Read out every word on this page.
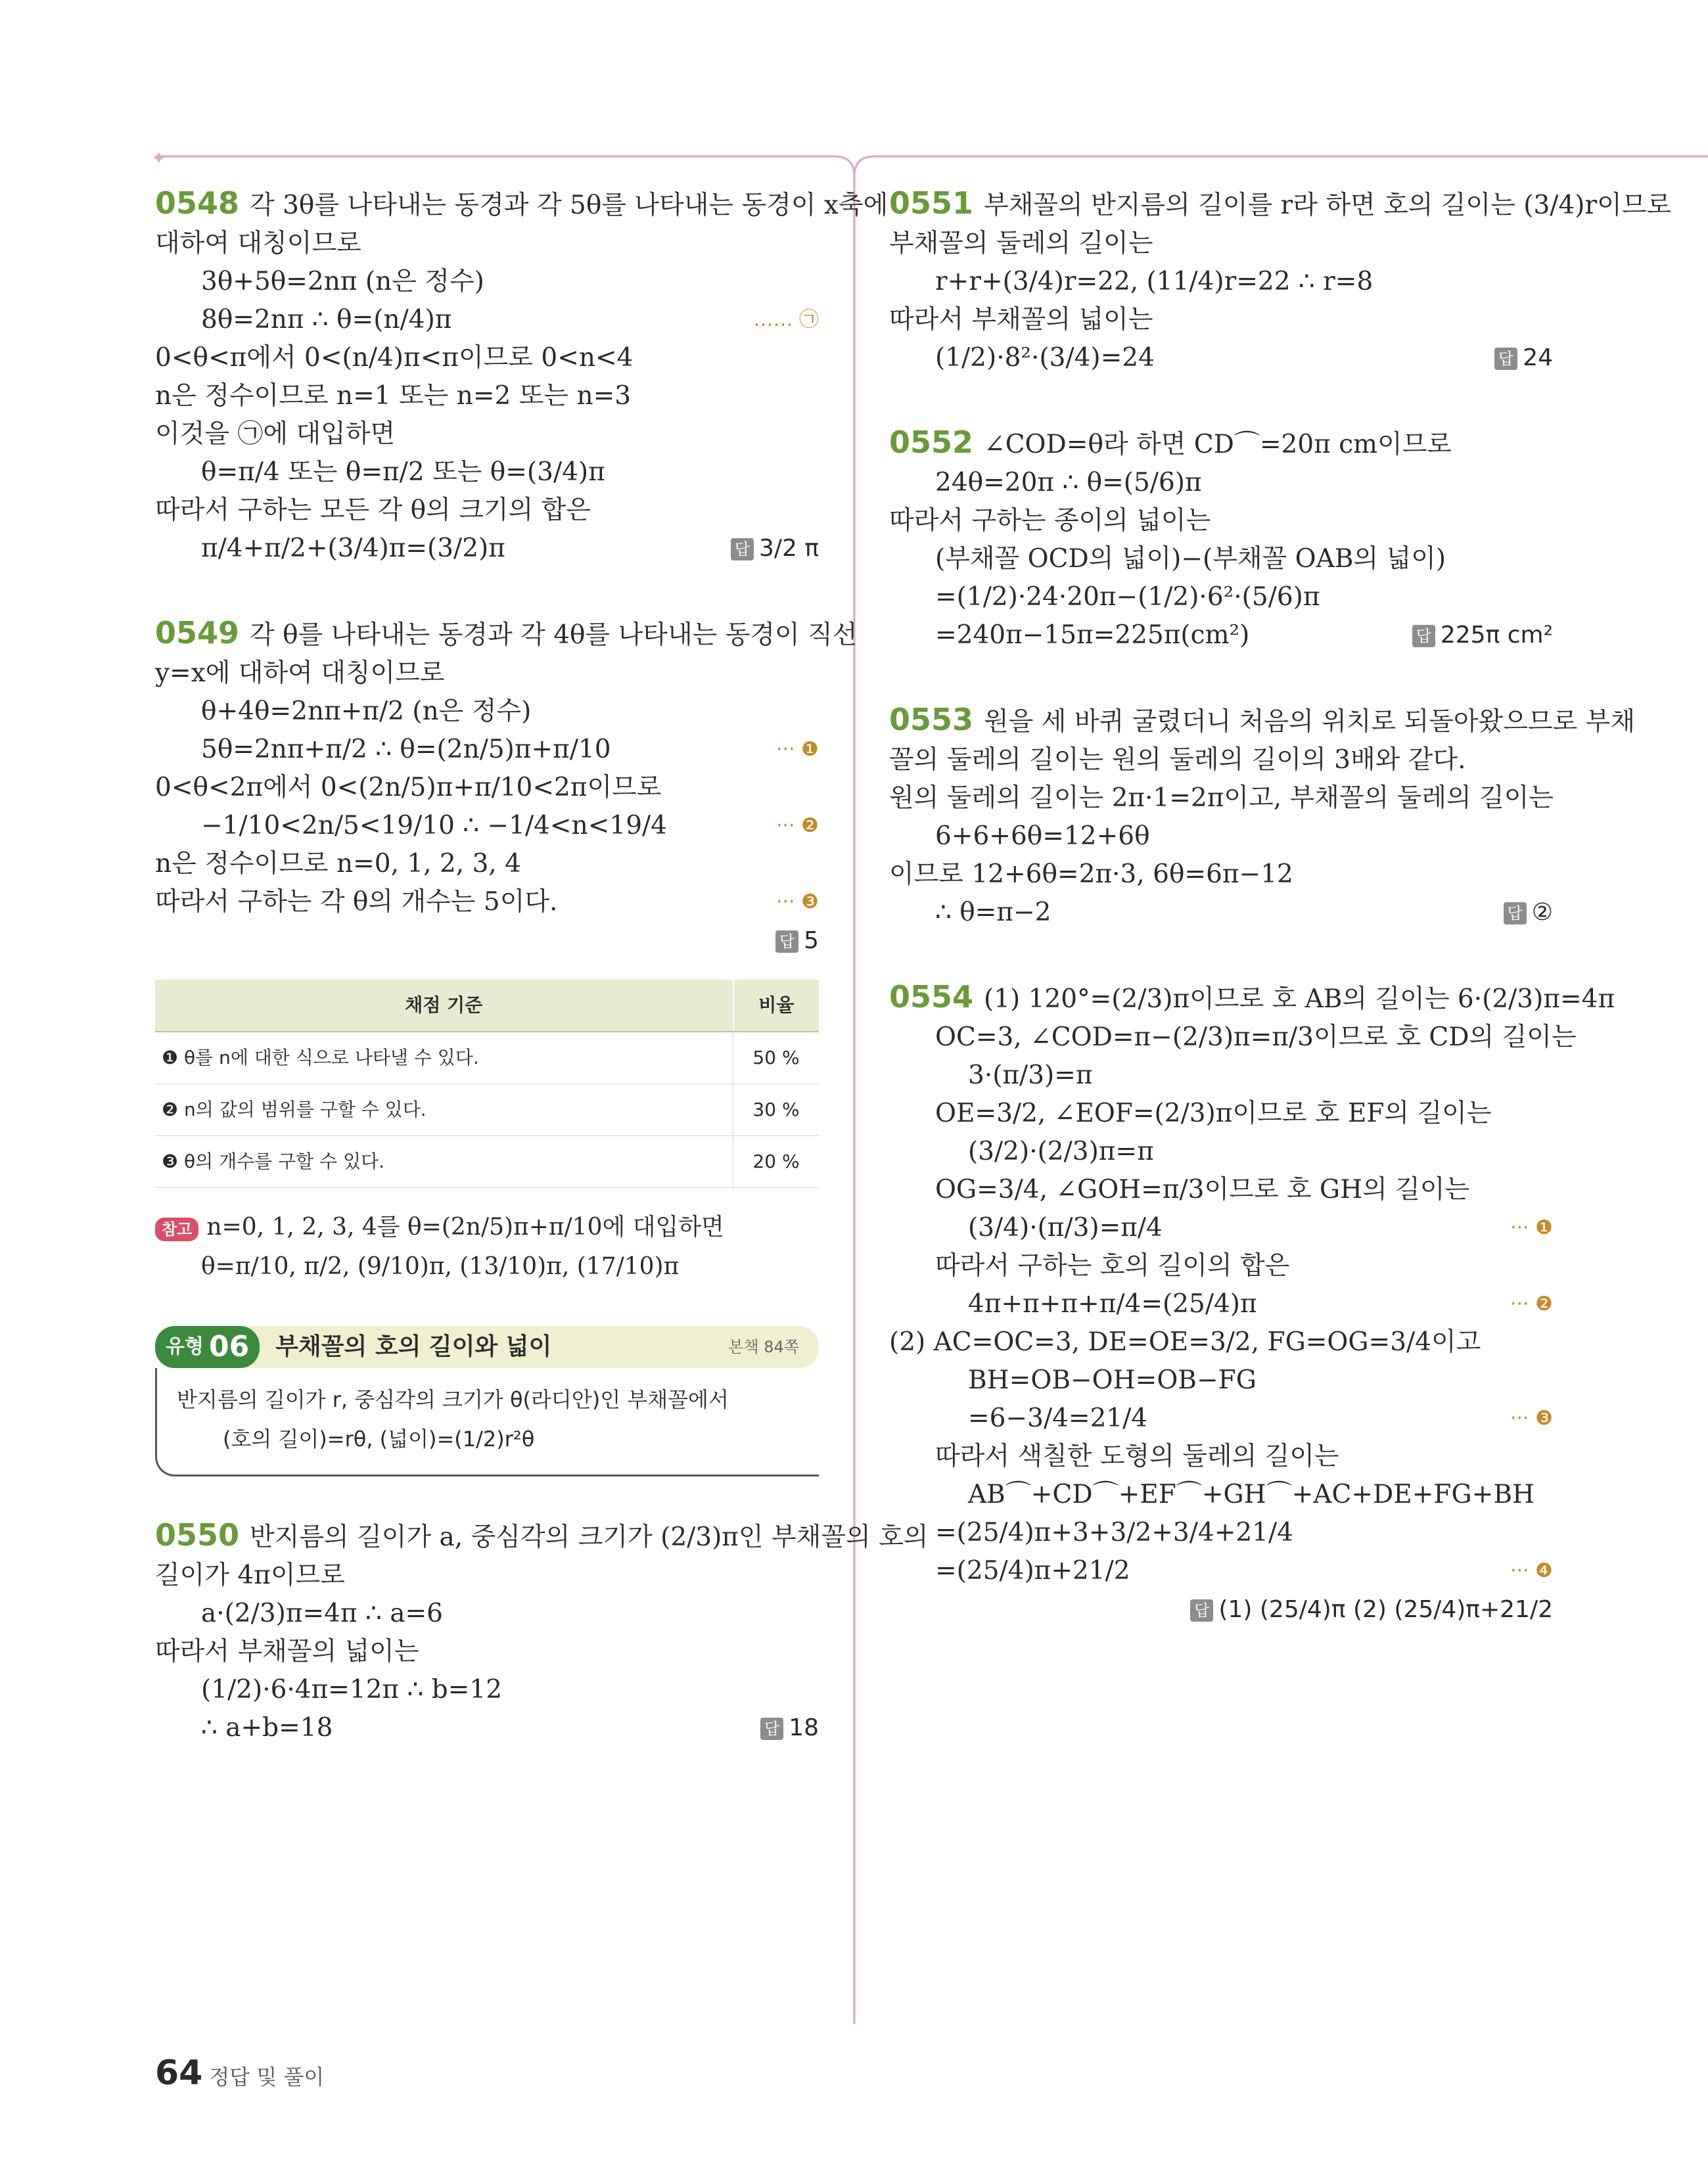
✦
0548 각 3θ를 나타내는 동경과 각 5θ를 나타내는 동경이 x축에
대하여 대칭이므로
3θ+5θ=2nπ (n은 정수)
8θ=2nπ ∴ θ=(n/4)π	…… ㉠
0<θ<π에서 0<(n/4)π<π이므로 0<n<4
n은 정수이므로 n=1 또는 n=2 또는 n=3
이것을 ㉠에 대입하면
θ=π/4 또는 θ=π/2 또는 θ=(3/4)π
따라서 구하는 모든 각 θ의 크기의 합은
π/4+π/2+(3/4)π=(3/2)π	답 3/2 π
0549 각 θ를 나타내는 동경과 각 4θ를 나타내는 동경이 직선
y=x에 대하여 대칭이므로
θ+4θ=2nπ+π/2 (n은 정수)
5θ=2nπ+π/2 ∴ θ=(2n/5)π+π/10	··· ❶
0<θ<2π에서 0<(2n/5)π+π/10<2π이므로
−1/10<2n/5<19/10 ∴ −1/4<n<19/4	··· ❷
n은 정수이므로 n=0, 1, 2, 3, 4
따라서 구하는 각 θ의 개수는 5이다.	··· ❸
답 5
채점 기준	비율
❶ θ를 n에 대한 식으로 나타낼 수 있다.	50 %
❷ n의 값의 범위를 구할 수 있다.	30 %
❸ θ의 개수를 구할 수 있다.	20 %
참고 n=0, 1, 2, 3, 4를 θ=(2n/5)π+π/10에 대입하면
θ=π/10, π/2, (9/10)π, (13/10)π, (17/10)π
유형 06 부채꼴의 호의 길이와 넓이	본책 84쪽
반지름의 길이가 r, 중심각의 크기가 θ(라디안)인 부채꼴에서
(호의 길이)=rθ, (넓이)=(1/2)r²θ
0550 반지름의 길이가 a, 중심각의 크기가 (2/3)π인 부채꼴의 호의
길이가 4π이므로
a·(2/3)π=4π ∴ a=6
따라서 부채꼴의 넓이는
(1/2)·6·4π=12π ∴ b=12
∴ a+b=18	답 18
0551 부채꼴의 반지름의 길이를 r라 하면 호의 길이는 (3/4)r이므로
부채꼴의 둘레의 길이는
r+r+(3/4)r=22, (11/4)r=22 ∴ r=8
따라서 부채꼴의 넓이는
(1/2)·8²·(3/4)=24	답 24
0552 ∠COD=θ라 하면 CD⌒=20π cm이므로
24θ=20π ∴ θ=(5/6)π
따라서 구하는 종이의 넓이는
(부채꼴 OCD의 넓이)−(부채꼴 OAB의 넓이)
=(1/2)·24·20π−(1/2)·6²·(5/6)π
=240π−15π=225π(cm²)	답 225π cm²
0553 원을 세 바퀴 굴렸더니 처음의 위치로 되돌아왔으므로 부채
꼴의 둘레의 길이는 원의 둘레의 길이의 3배와 같다.
원의 둘레의 길이는 2π·1=2π이고, 부채꼴의 둘레의 길이는
6+6+6θ=12+6θ
이므로 12+6θ=2π·3, 6θ=6π−12
∴ θ=π−2	답 ②
0554 (1) 120°=(2/3)π이므로 호 AB의 길이는 6·(2/3)π=4π
OC=3, ∠COD=π−(2/3)π=π/3이므로 호 CD의 길이는
3·(π/3)=π
OE=3/2, ∠EOF=(2/3)π이므로 호 EF의 길이는
(3/2)·(2/3)π=π
OG=3/4, ∠GOH=π/3이므로 호 GH의 길이는
(3/4)·(π/3)=π/4	··· ❶
따라서 구하는 호의 길이의 합은
4π+π+π+π/4=(25/4)π	··· ❷
(2) AC=OC=3, DE=OE=3/2, FG=OG=3/4이고
BH=OB−OH=OB−FG
=6−3/4=21/4	··· ❸
따라서 색칠한 도형의 둘레의 길이는
AB⌒+CD⌒+EF⌒+GH⌒+AC+DE+FG+BH
=(25/4)π+3+3/2+3/4+21/4
=(25/4)π+21/2	··· ❹
답 (1) (25/4)π (2) (25/4)π+21/2
64 정답 및 풀이
